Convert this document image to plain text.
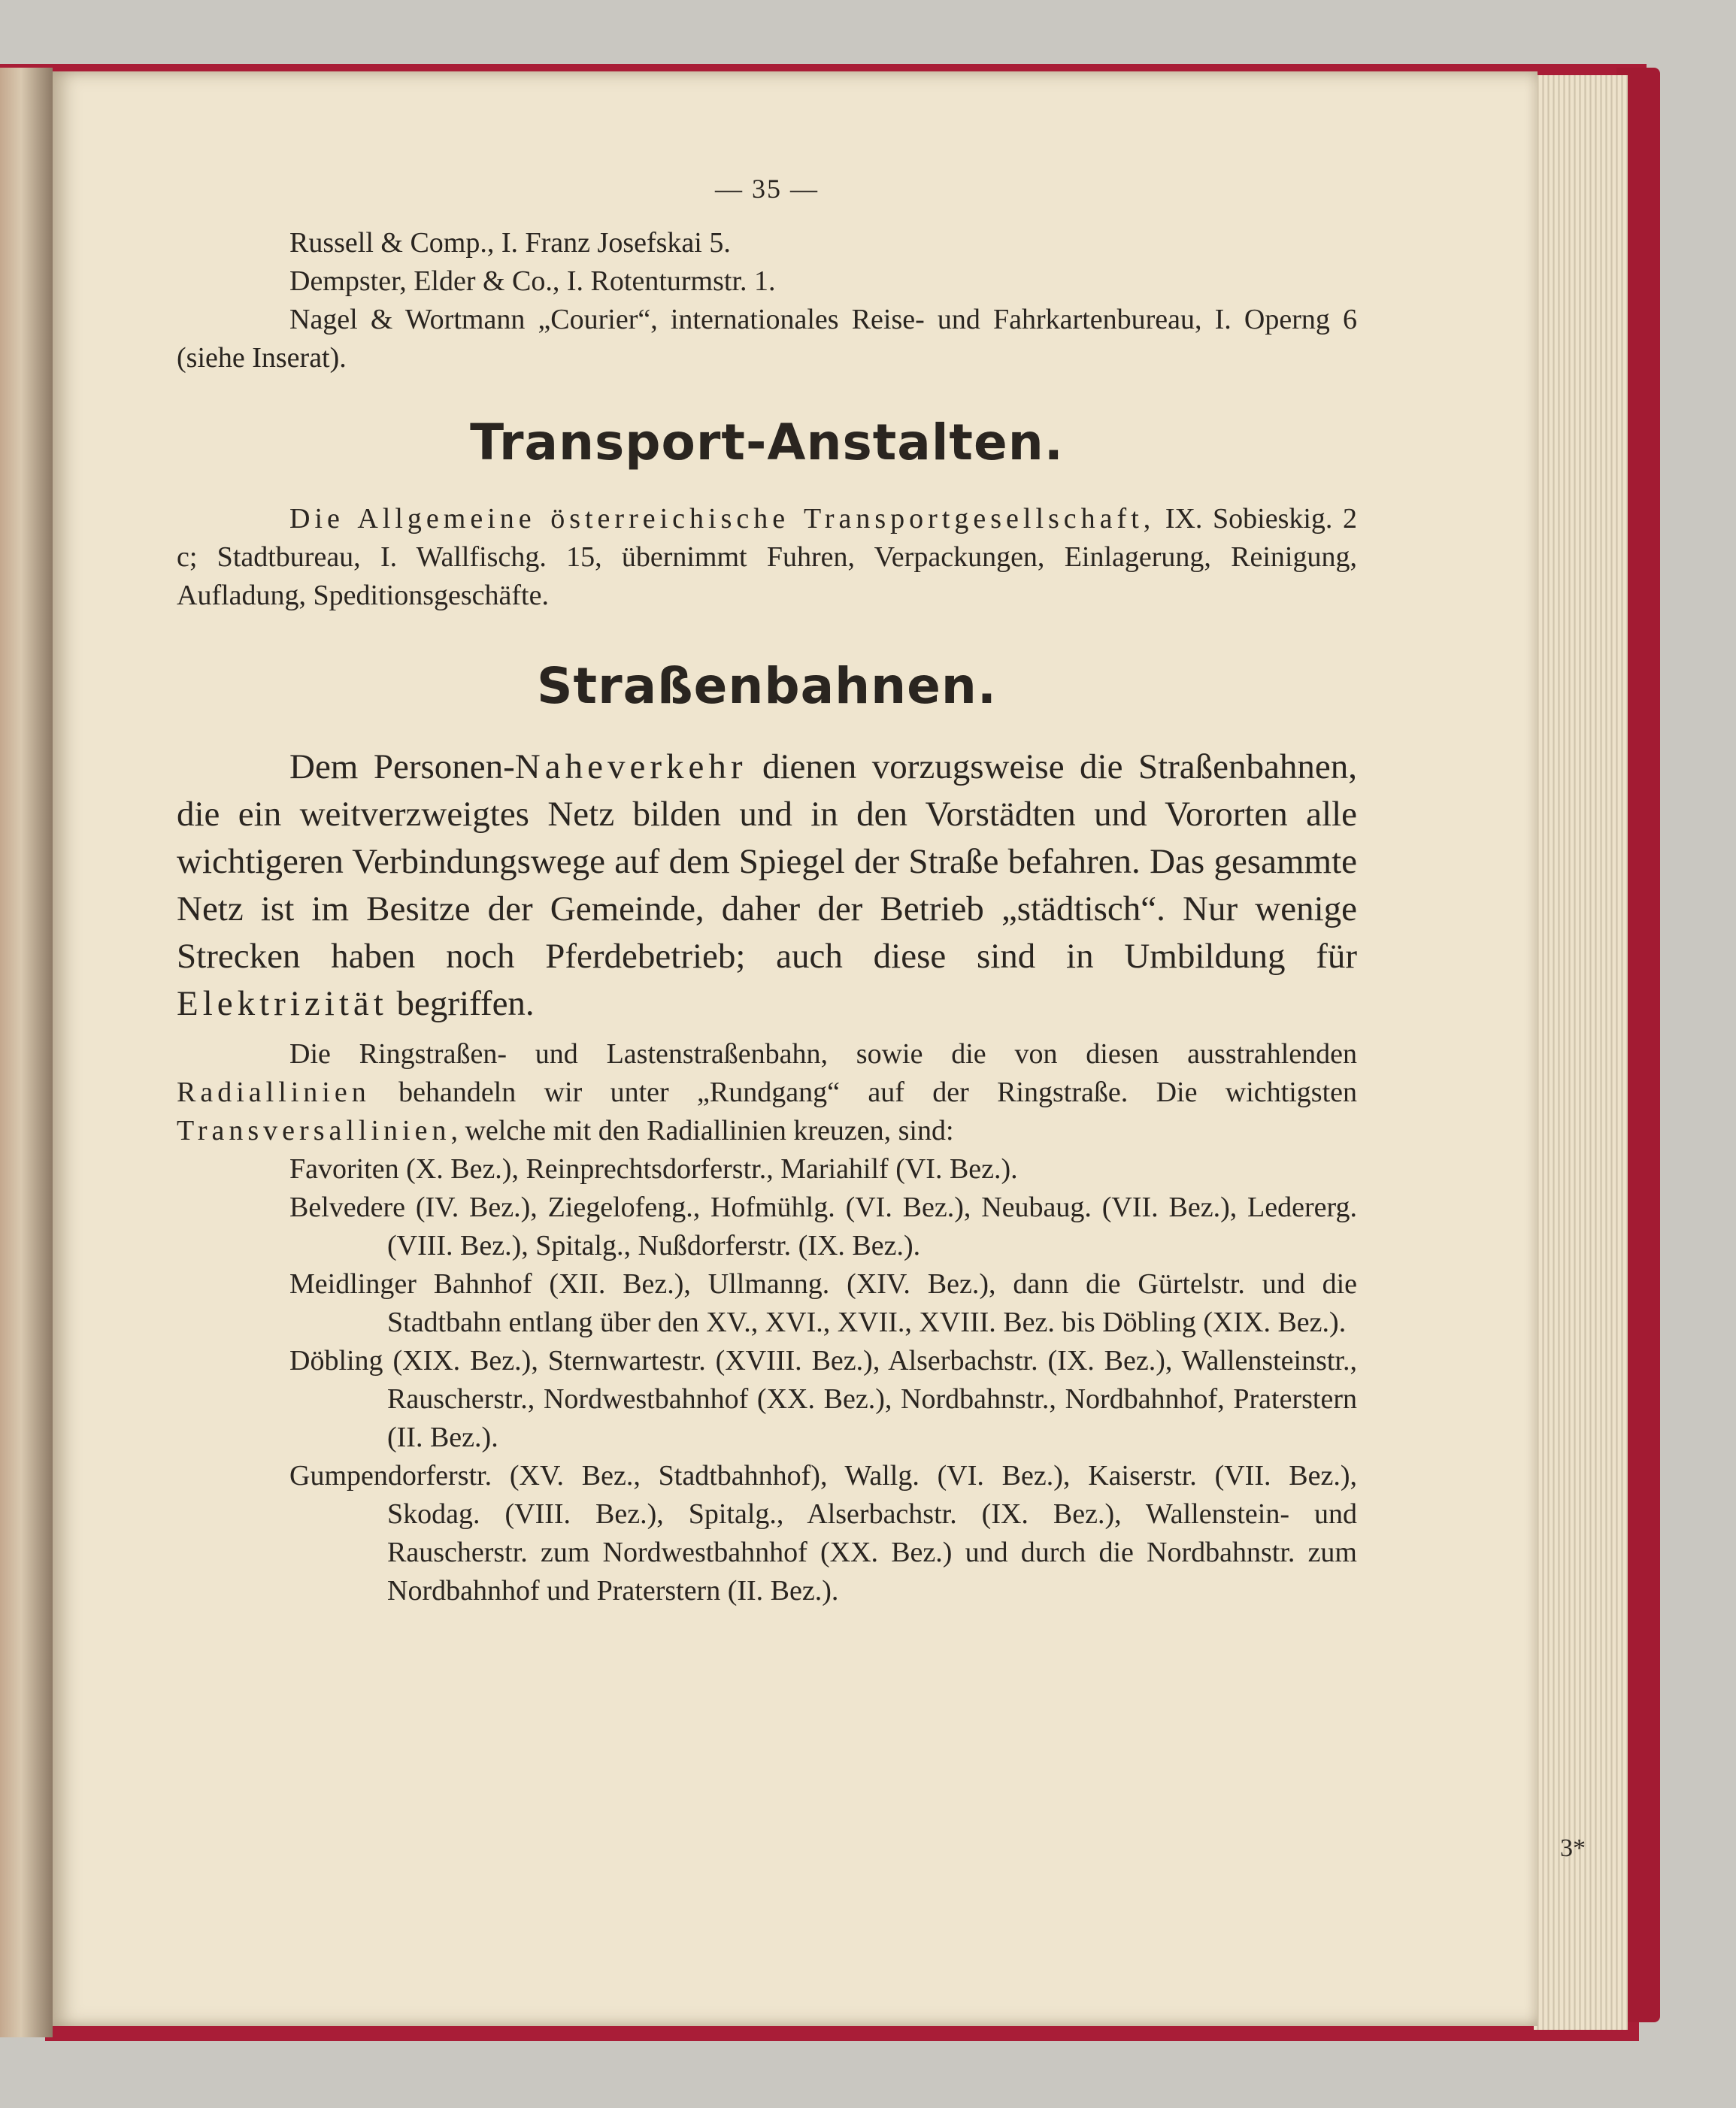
— 35 —

Russell & Comp., I. Franz Josefskai 5.

Dempster, Elder & Co., I. Rotenturmstr. 1.

Nagel & Wortmann „Courier“, internationales Reise- und Fahrkartenbureau, I. Operng 6 (siehe Inserat).

Transport-Anstalten.

Die Allgemeine österreichische Transportgesellschaft, IX. Sobieskig. 2 c; Stadtbureau, I. Wallfischg. 15, übernimmt Fuhren, Verpackungen, Einlagerung, Reinigung, Aufladung, Speditionsgeschäfte.

Straßenbahnen.

Dem Personen-Naheverkehr dienen vorzugsweise die Straßenbahnen, die ein weitverzweigtes Netz bilden und in den Vorstädten und Vororten alle wichtigeren Verbindungswege auf dem Spiegel der Straße befahren. Das gesammte Netz ist im Besitze der Gemeinde, daher der Betrieb „städtisch“. Nur wenige Strecken haben noch Pferdebetrieb; auch diese sind in Umbildung für Elektrizität begriffen.

Die Ringstraßen- und Lastenstraßenbahn, sowie die von diesen ausstrahlenden Radiallinien behandeln wir unter „Rundgang“ auf der Ringstraße. Die wichtigsten Transversallinien, welche mit den Radiallinien kreuzen, sind:

Favoriten (X. Bez.), Reinprechtsdorferstr., Mariahilf (VI. Bez.).

Belvedere (IV. Bez.), Ziegelofeng., Hofmühlg. (VI. Bez.), Neubaug. (VII. Bez.), Ledererg. (VIII. Bez.), Spitalg., Nußdorferstr. (IX. Bez.).

Meidlinger Bahnhof (XII. Bez.), Ullmanng. (XIV. Bez.), dann die Gürtelstr. und die Stadtbahn entlang über den XV., XVI., XVII., XVIII. Bez. bis Döbling (XIX. Bez.).

Döbling (XIX. Bez.), Sternwartestr. (XVIII. Bez.), Alserbachstr. (IX. Bez.), Wallensteinstr., Rauscherstr., Nordwestbahnhof (XX. Bez.), Nordbahnstr., Nordbahnhof, Praterstern (II. Bez.).

Gumpendorferstr. (XV. Bez., Stadtbahnhof), Wallg. (VI. Bez.), Kaiserstr. (VII. Bez.), Skodag. (VIII. Bez.), Spitalg., Alserbachstr. (IX. Bez.), Wallenstein- und Rauscherstr. zum Nordwestbahnhof (XX. Bez.) und durch die Nordbahnstr. zum Nordbahnhof und Praterstern (II. Bez.).

3*
